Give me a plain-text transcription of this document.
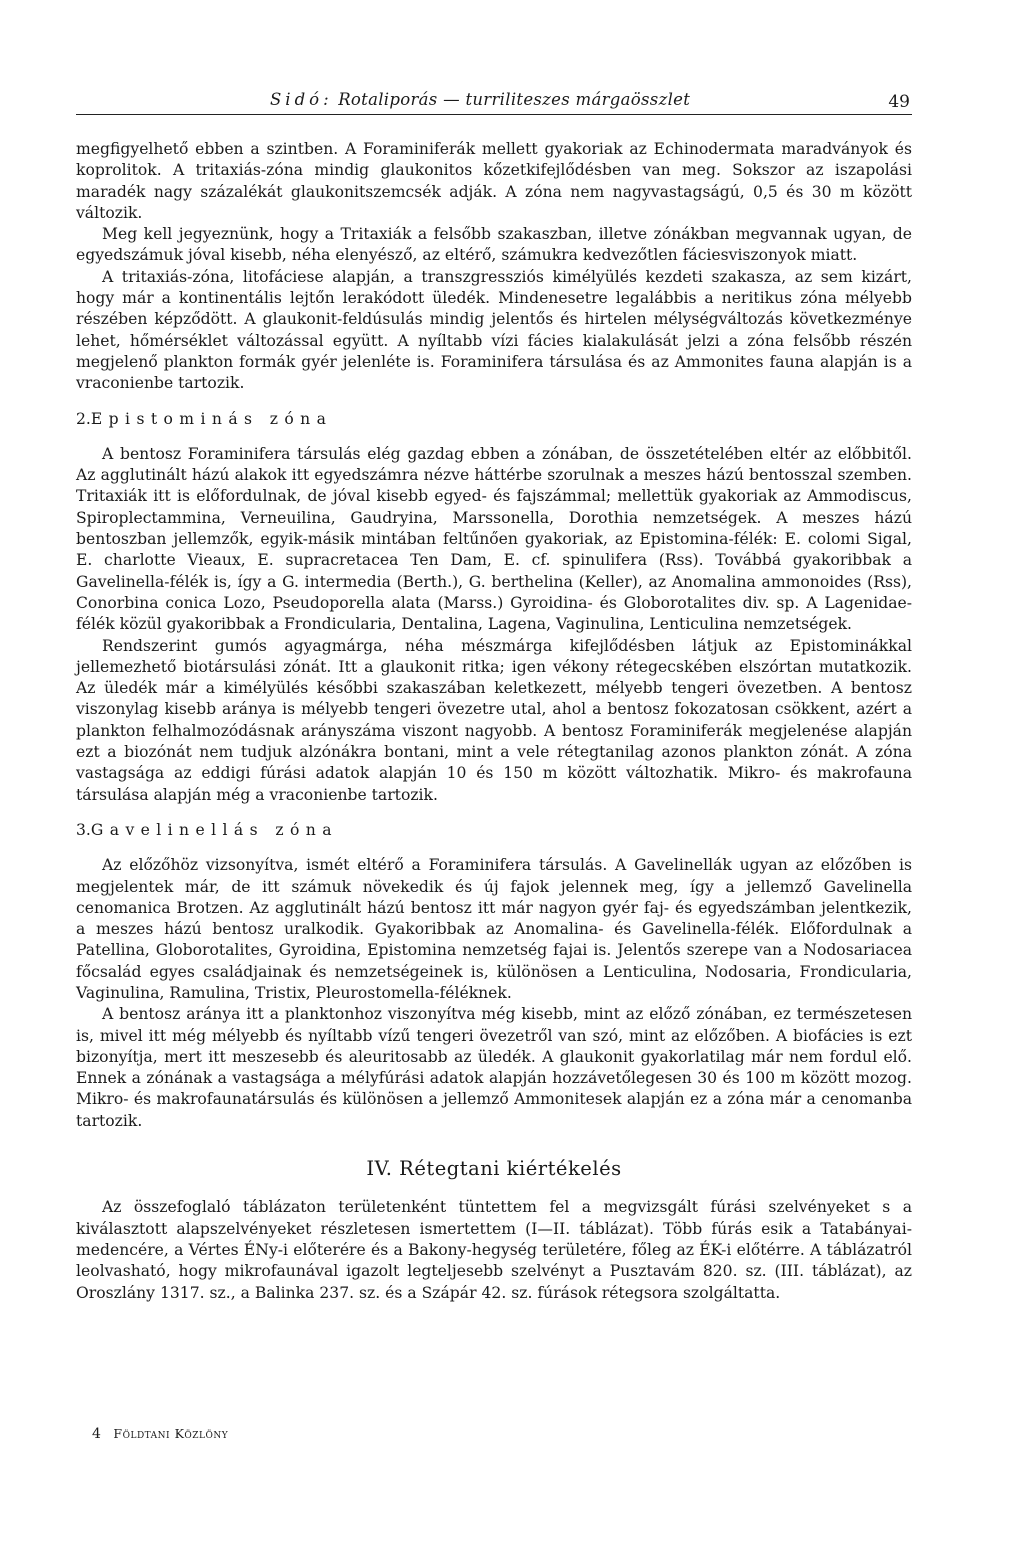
Sidó: Rotaliporás — turriliteszes márgaösszlet	49

megfigyelhető ebben a szintben. A Foraminiferák mellett gyakoriak az Echinodermata maradványok és koprolitok. A tritaxiás-zóna mindig glaukonitos kőzetkifejlődésben van meg. Sokszor az iszapolási maradék nagy százalékát glaukonitszemcsék adják. A zóna nem nagyvastagságú, 0,5 és 30 m között változik.

Meg kell jegyeznünk, hogy a Tritaxiák a felsőbb szakaszban, illetve zónákban megvannak ugyan, de egyedszámuk jóval kisebb, néha elenyésző, az eltérő, számukra kedvezőtlen fáciesviszonyok miatt.

A tritaxiás-zóna, litofáciese alapján, a transzgressziós kimélyülés kezdeti szakasza, az sem kizárt, hogy már a kontinentális lejtőn lerakódott üledék. Mindenesetre legalábbis a neritikus zóna mélyebb részében képződött. A glaukonit-feldúsulás mindig jelentős és hirtelen mélységváltozás következménye lehet, hőmérséklet változással együtt. A nyíltabb vízi fácies kialakulását jelzi a zóna felsőbb részén megjelenő plankton formák gyér jelenléte is. Foraminifera társulása és az Ammonites fauna alapján is a vraconienbe tartozik.

2.Epistominás zóna

A bentosz Foraminifera társulás elég gazdag ebben a zónában, de összetételében eltér az előbbitől. Az agglutinált házú alakok itt egyedszámra nézve háttérbe szorulnak a meszes házú bentosszal szemben. Tritaxiák itt is előfordulnak, de jóval kisebb egyed- és fajszámmal; mellettük gyakoriak az Ammodiscus, Spiroplectammina, Verneuilina, Gaudryina, Marssonella, Dorothia nemzetségek. A meszes házú bentoszban jellemzők, egyik-másik mintában feltűnően gyakoriak, az Epistomina-félék: E. colomi Sigal, E. charlotte Vieaux, E. supracretacea Ten Dam, E. cf. spinulifera (Rss). Továbbá gyakoribbak a Gavelinella-félék is, így a G. intermedia (Berth.), G. berthelina (Keller), az Anomalina ammonoides (Rss), Conorbina conica Lozo, Pseudoporella alata (Marss.) Gyroidina- és Globorotalites div. sp. A Lagenidae-félék közül gyakoribbak a Frondicularia, Dentalina, Lagena, Vaginulina, Lenticulina nemzetségek.

Rendszerint gumós agyagmárga, néha mészmárga kifejlődésben látjuk az Epistominákkal jellemezhető biotársulási zónát. Itt a glaukonit ritka; igen vékony rétegecskében elszórtan mutatkozik. Az üledék már a kimélyülés későbbi szakaszában keletkezett, mélyebb tengeri övezetben. A bentosz viszonylag kisebb aránya is mélyebb tengeri övezetre utal, ahol a bentosz fokozatosan csökkent, azért a plankton felhalmozódásnak arányszáma viszont nagyobb. A bentosz Foraminiferák megjelenése alapján ezt a biozónát nem tudjuk alzónákra bontani, mint a vele rétegtanilag azonos plankton zónát. A zóna vastagsága az eddigi fúrási adatok alapján 10 és 150 m között változhatik. Mikro- és makrofauna társulása alapján még a vraconienbe tartozik.

3.Gavelinellás zóna

Az előzőhöz vizsonyítva, ismét eltérő a Foraminifera társulás. A Gavelinellák ugyan az előzőben is megjelentek már, de itt számuk növekedik és új fajok jelennek meg, így a jellemző Gavelinella cenomanica Brotzen. Az agglutinált házú bentosz itt már nagyon gyér faj- és egyedszámban jelentkezik, a meszes házú bentosz uralkodik. Gyakoribbak az Anomalina- és Gavelinella-félék. Előfordulnak a Patellina, Globorotalites, Gyroidina, Epistomina nemzetség fajai is. Jelentős szerepe van a Nodosariacea főcsalád egyes családjainak és nemzetségeinek is, különösen a Lenticulina, Nodosaria, Frondicularia, Vaginulina, Ramulina, Tristix, Pleurostomella-féléknek.

A bentosz aránya itt a planktonhoz viszonyítva még kisebb, mint az előző zónában, ez természetesen is, mivel itt még mélyebb és nyíltabb vízű tengeri övezetről van szó, mint az előzőben. A biofácies is ezt bizonyítja, mert itt meszesebb és aleuritosabb az üledék. A glaukonit gyakorlatilag már nem fordul elő. Ennek a zónának a vastagsága a mélyfúrási adatok alapján hozzávetőlegesen 30 és 100 m között mozog. Mikro- és makrofaunatársulás és különösen a jellemző Ammonitesek alapján ez a zóna már a cenomanba tartozik.

IV. Rétegtani kiértékelés

Az összefoglaló táblázaton területenként tüntettem fel a megvizsgált fúrási szelvényeket s a kiválasztott alapszelvényeket részletesen ismertettem (I—II. táblázat). Több fúrás esik a Tatabányai-medencére, a Vértes ÉNy-i előterére és a Bakony-hegység területére, főleg az ÉK-i előtérre. A táblázatról leolvasható, hogy mikrofaunával igazolt legteljesebb szelvényt a Pusztavám 820. sz. (III. táblázat), az Oroszlány 1317. sz., a Balinka 237. sz. és a Szápár 42. sz. fúrások rétegsora szolgáltatta.

4 Földtani Közlöny
